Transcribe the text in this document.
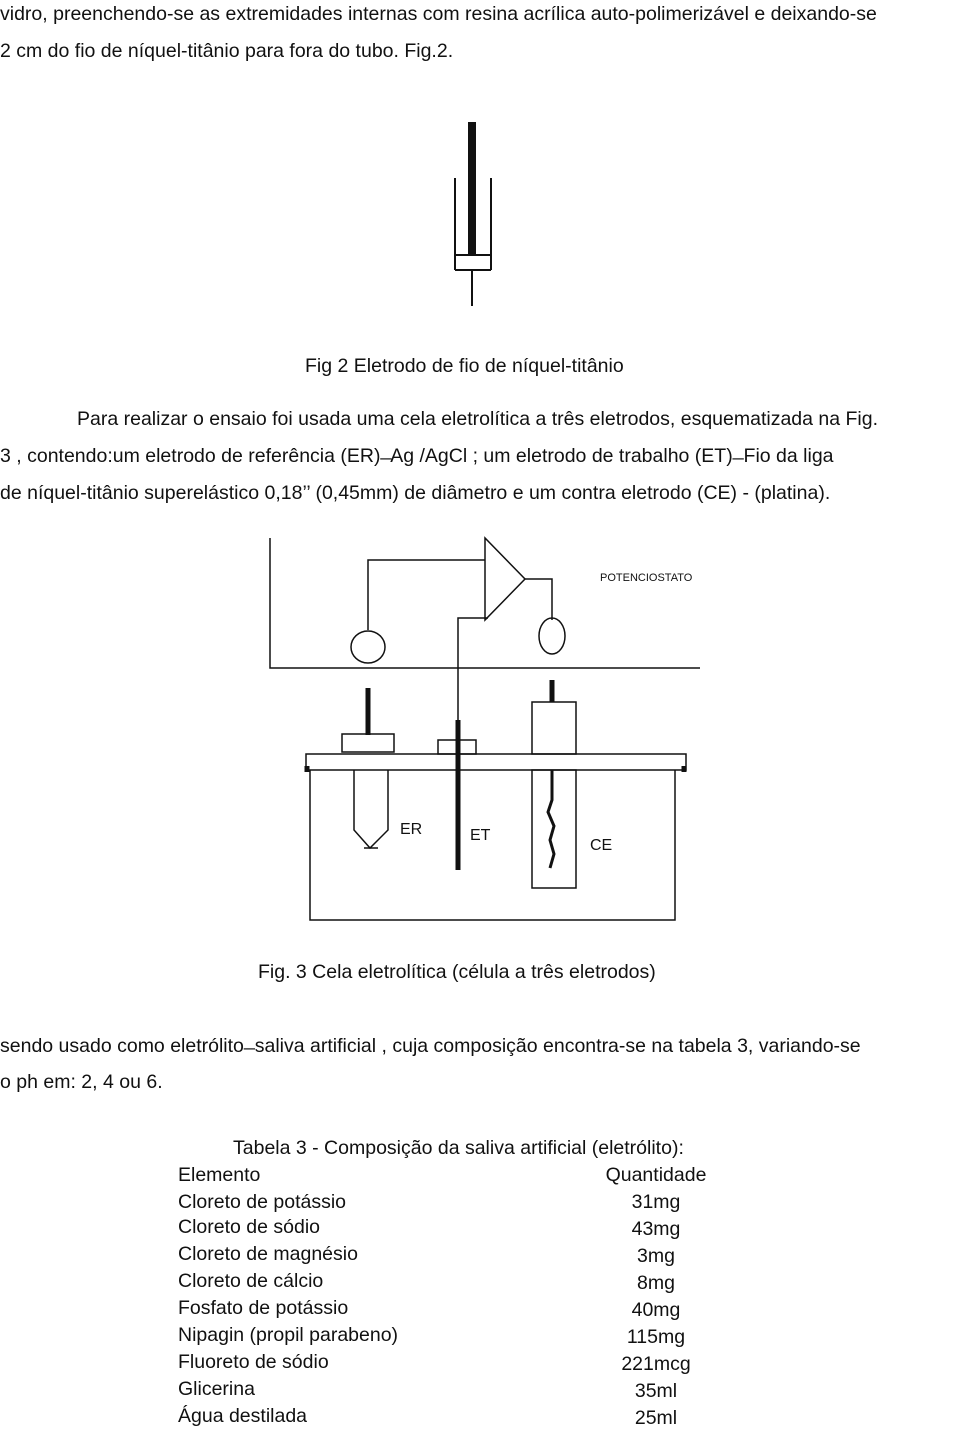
vidro, preenchendo-se as extremidades internas com resina acrílica auto-polimerizável e deixando-se
2 cm do fio de níquel-titânio para fora do tubo. Fig.2.
Fig 2 Eletrodo de fio de níquel-titânio
Para realizar o ensaio foi usada uma cela eletrolítica a três eletrodos, esquematizada na Fig.
3 , contendo:um eletrodo de referência (ER) ̶ Ag /AgCl ; um eletrodo de trabalho (ET) ̶ Fio da liga
de níquel-titânio superelástico 0,18’’ (0,45mm) de diâmetro e um contra eletrodo (CE) - (platina).
POTENCIOSTATO
ER	ET
CE
Fig. 3 Cela eletrolítica (célula a três eletrodos)
sendo usado como eletrólito ̶ saliva artificial , cuja composição encontra-se na tabela 3, variando-se
o ph em: 2, 4 ou 6.
Tabela 3 - Composição da saliva artificial (eletrólito):
Elemento	Quantidade
Cloreto de potássio	31mg
Cloreto de sódio	43mg
Cloreto de magnésio	3mg
Cloreto de cálcio	8mg
Fosfato de potássio	40mg
Nipagin (propil parabeno)	115mg
Fluoreto de sódio	221mcg
Glicerina	35ml
Água destilada	25ml
